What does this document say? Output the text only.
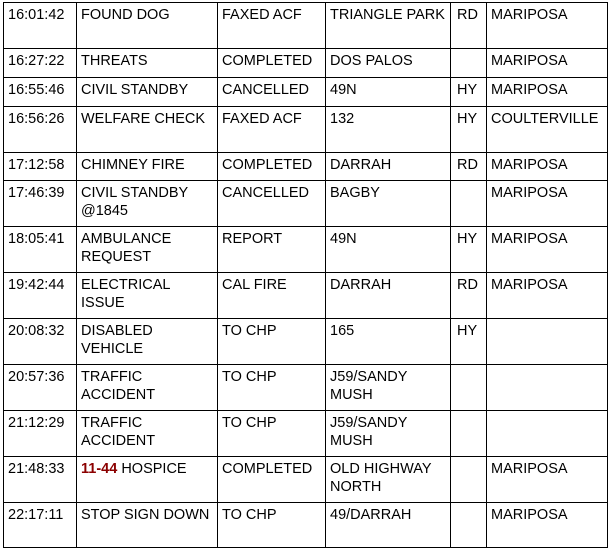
16:01:42	FOUND DOG	FAXED ACF	TRIANGLE PARK	RD	MARIPOSA
16:27:22	THREATS	COMPLETED	DOS PALOS		MARIPOSA
16:55:46	CIVIL STANDBY	CANCELLED	49N	HY	MARIPOSA
16:56:26	WELFARE CHECK	FAXED ACF	132	HY	COULTERVILLE
17:12:58	CHIMNEY FIRE	COMPLETED	DARRAH	RD	MARIPOSA
17:46:39	CIVIL STANDBY @1845	CANCELLED	BAGBY		MARIPOSA
18:05:41	AMBULANCE REQUEST	REPORT	49N	HY	MARIPOSA
19:42:44	ELECTRICAL ISSUE	CAL FIRE	DARRAH	RD	MARIPOSA
20:08:32	DISABLED VEHICLE	TO CHP	165	HY	
20:57:36	TRAFFIC ACCIDENT	TO CHP	J59/SANDY MUSH		
21:12:29	TRAFFIC ACCIDENT	TO CHP	J59/SANDY MUSH		
21:48:33	11-44 HOSPICE	COMPLETED	OLD HIGHWAY NORTH		MARIPOSA
22:17:11	STOP SIGN DOWN	TO CHP	49/DARRAH		MARIPOSA
